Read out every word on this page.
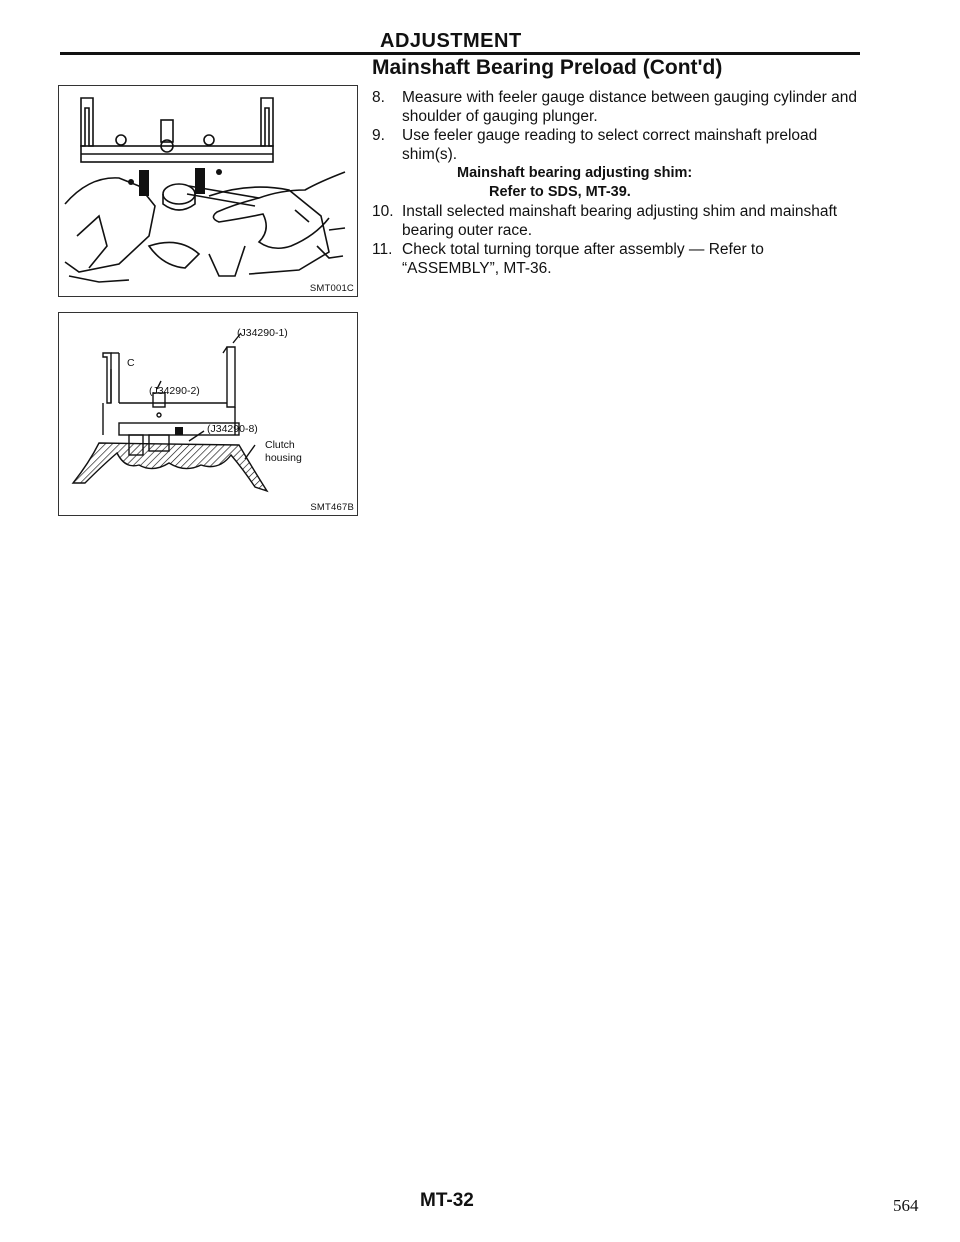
ADJUSTMENT
Mainshaft Bearing Preload (Cont'd)
SMT001C
(J34290-1)
C
(J34290-2)
(J34290-8)
Clutch
housing
SMT467B
8. Measure with feeler gauge distance between gauging cylinder and shoulder of gauging plunger.
9. Use feeler gauge reading to select correct mainshaft preload shim(s).
Mainshaft bearing adjusting shim:
Refer to SDS, MT-39.
10. Install selected mainshaft bearing adjusting shim and mainshaft bearing outer race.
11. Check total turning torque after assembly — Refer to “ASSEMBLY”, MT-36.

MT-32	564
